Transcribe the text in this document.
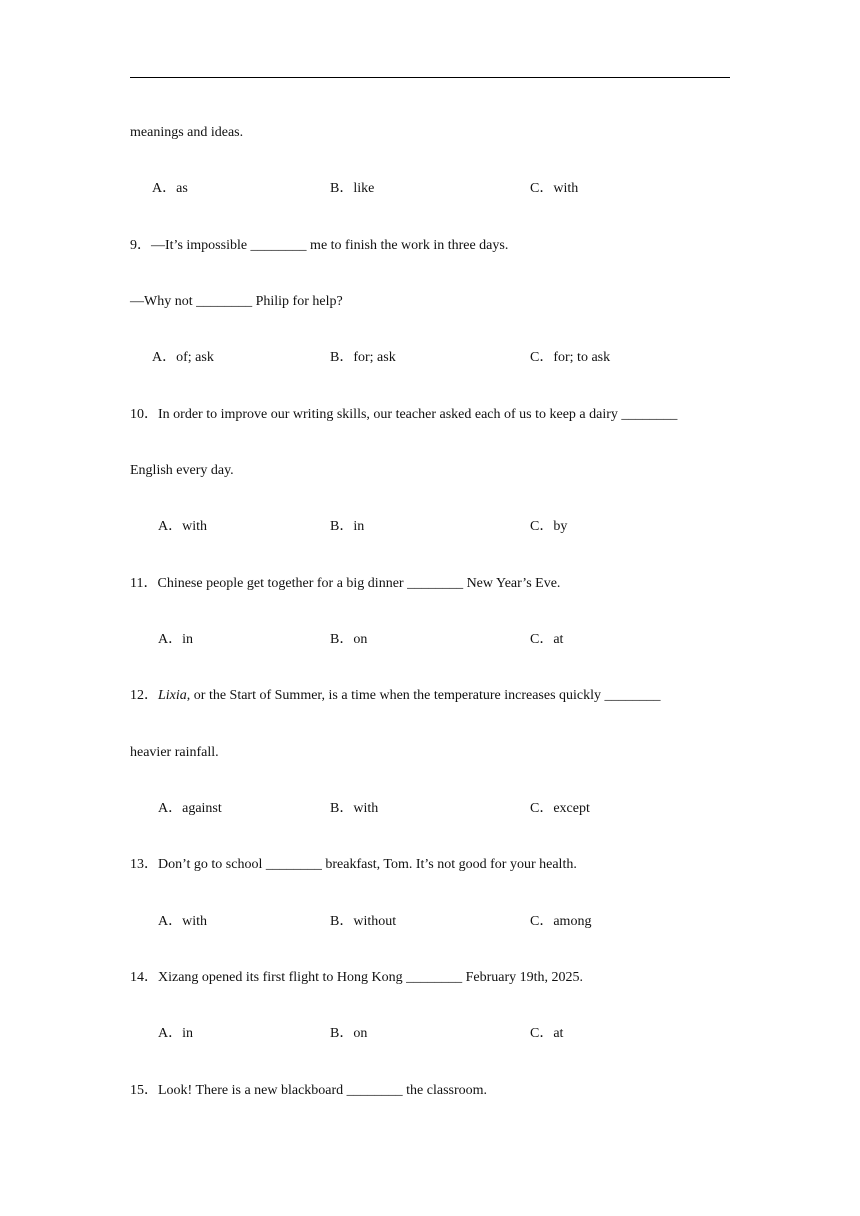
meanings and ideas.
A．as	B．like	C．with
9．—It’s impossible ________ me to finish the work in three days.
—Why not ________ Philip for help?
A．of; ask	B．for; ask	C．for; to ask
10．In order to improve our writing skills, our teacher asked each of us to keep a dairy ________
English every day.
A．with	B．in	C．by
11．Chinese people get together for a big dinner ________ New Year’s Eve.
A．in	B．on	C．at
12．Lixia, or the Start of Summer, is a time when the temperature increases quickly ________
heavier rainfall.
A．against	B．with	C．except
13．Don’t go to school ________ breakfast, Tom. It’s not good for your health.
A．with	B．without	C．among
14．Xizang opened its first flight to Hong Kong ________ February 19th, 2025.
A．in	B．on	C．at
15．Look! There is a new blackboard ________ the classroom.
